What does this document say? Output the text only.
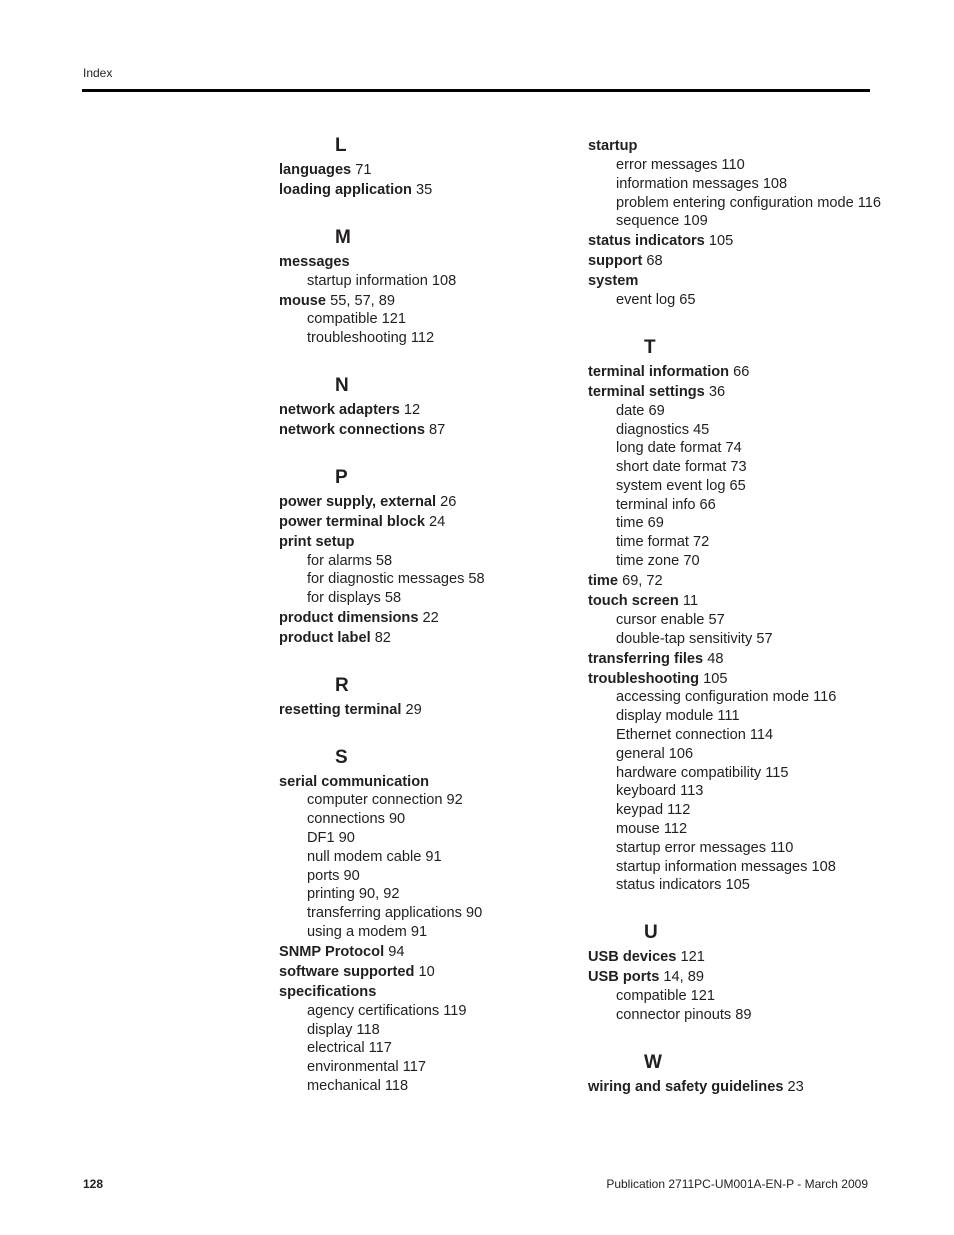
Index
L
languages 71
loading application 35
M
messages
startup information 108
mouse 55, 57, 89
compatible 121
troubleshooting 112
N
network adapters 12
network connections 87
P
power supply, external 26
power terminal block 24
print setup
for alarms 58
for diagnostic messages 58
for displays 58
product dimensions 22
product label 82
R
resetting terminal 29
S
serial communication
computer connection 92
connections 90
DF1 90
null modem cable 91
ports 90
printing 90, 92
transferring applications 90
using a modem 91
SNMP Protocol 94
software supported 10
specifications
agency certifications 119
display 118
electrical 117
environmental 117
mechanical 118
startup
error messages 110
information messages 108
problem entering configuration mode 116
sequence 109
status indicators 105
support 68
system
event log 65
T
terminal information 66
terminal settings 36
date 69
diagnostics 45
long date format 74
short date format 73
system event log 65
terminal info 66
time 69
time format 72
time zone 70
time 69, 72
touch screen 11
cursor enable 57
double-tap sensitivity 57
transferring files 48
troubleshooting 105
accessing configuration mode 116
display module 111
Ethernet connection 114
general 106
hardware compatibility 115
keyboard 113
keypad 112
mouse 112
startup error messages 110
startup information messages 108
status indicators 105
U
USB devices 121
USB ports 14, 89
compatible 121
connector pinouts 89
W
wiring and safety guidelines 23
128	Publication 2711PC-UM001A-EN-P - March 2009
